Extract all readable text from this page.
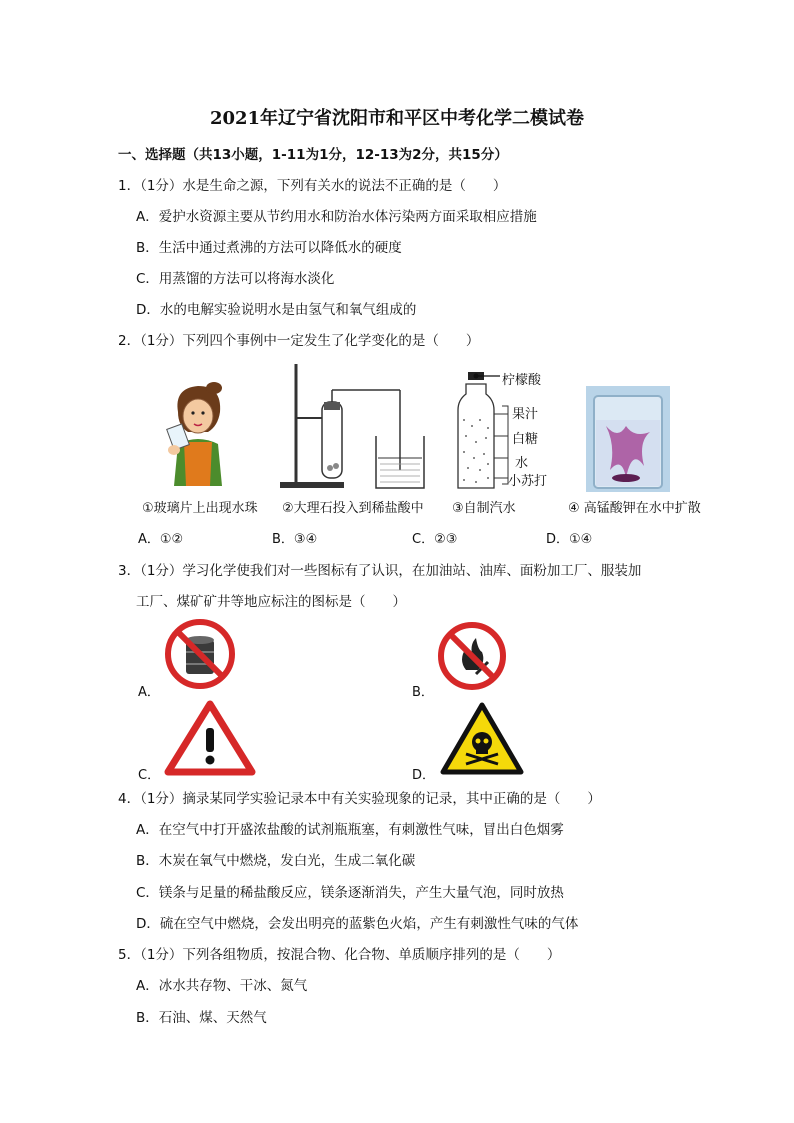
2021年辽宁省沈阳市和平区中考化学二模试卷
一、选择题（共13小题，1-11为1分，12-13为2分，共15分）
1．（1分）水是生命之源，下列有关水的说法不正确的是（　　）
A．爱护水资源主要从节约用水和防治水体污染两方面采取相应措施
B．生活中通过煮沸的方法可以降低水的硬度
C．用蒸馏的方法可以将海水淡化
D．水的电解实验说明水是由氢气和氧气组成的
2．（1分）下列四个事例中一定发生了化学变化的是（　　）
柠檬酸
果汁
白糖
水
小苏打
①玻璃片上出现水珠 ②大理石投入到稀盐酸中 ③自制汽水	④ 高锰酸钾在水中扩散
A．①②	B．③④	C．②③	D．①④
3．（1分）学习化学使我们对一些图标有了认识，在加油站、油库、面粉加工厂、服装加
工厂、煤矿矿井等地应标注的图标是（　　）
A．	B．
C．	D．
4．（1分）摘录某同学实验记录本中有关实验现象的记录，其中正确的是（　　）
A．在空气中打开盛浓盐酸的试剂瓶瓶塞，有刺激性气味，冒出白色烟雾
B．木炭在氧气中燃烧，发白光，生成二氧化碳
C．镁条与足量的稀盐酸反应，镁条逐渐消失，产生大量气泡，同时放热
D．硫在空气中燃烧，会发出明亮的蓝紫色火焰，产生有刺激性气味的气体
5．（1分）下列各组物质，按混合物、化合物、单质顺序排列的是（　　）
A．冰水共存物、干冰、氮气
B．石油、煤、天然气
